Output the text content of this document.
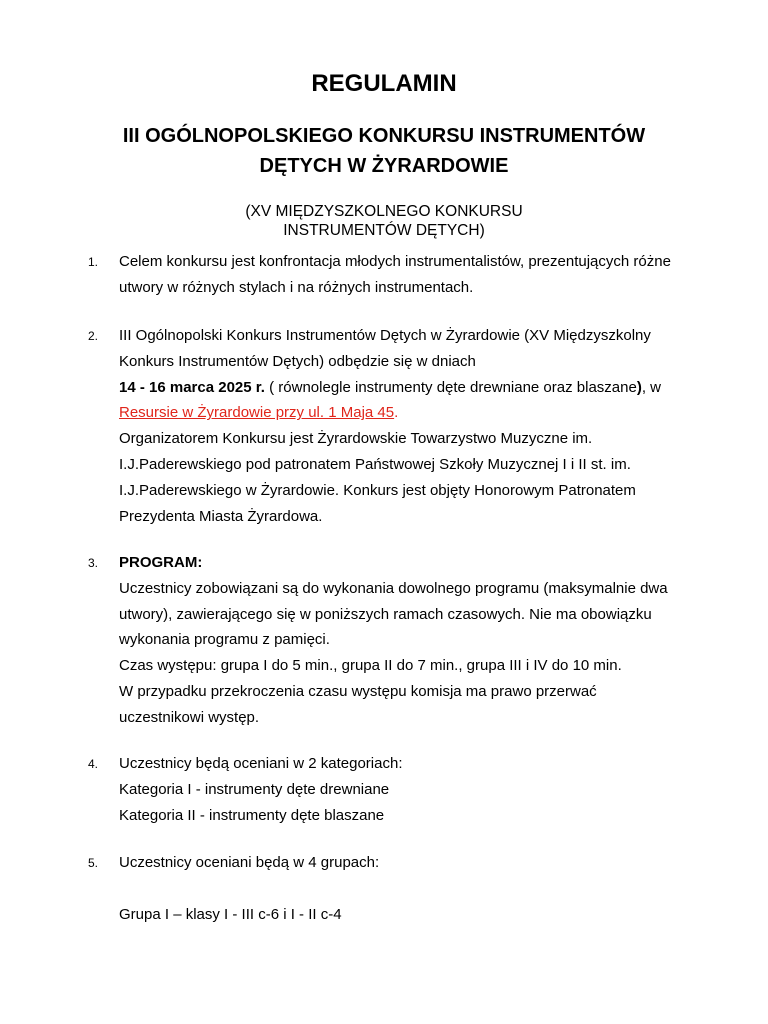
REGULAMIN
III OGÓLNOPOLSKIEGO KONKURSU INSTRUMENTÓW
DĘTYCH W ŻYRARDOWIE
(XV MIĘDZYSZKOLNEGO KONKURSU
INSTRUMENTÓW DĘTYCH)
1. Celem konkursu jest konfrontacja młodych instrumentalistów, prezentujących różne
utwory w różnych stylach i na różnych instrumentach.
2. III Ogólnopolski Konkurs Instrumentów Dętych w Żyrardowie (XV Międzyszkolny
Konkurs Instrumentów Dętych) odbędzie się w dniach
14 - 16 marca 2025 r. ( równolegle instrumenty dęte drewniane oraz blaszane), w
Resursie w Żyrardowie przy ul. 1 Maja 45.
Organizatorem Konkursu jest Żyrardowskie Towarzystwo Muzyczne im.
I.J.Paderewskiego pod patronatem Państwowej Szkoły Muzycznej I i II st. im.
I.J.Paderewskiego w Żyrardowie. Konkurs jest objęty Honorowym Patronatem
Prezydenta Miasta Żyrardowa.
3. PROGRAM:
Uczestnicy zobowiązani są do wykonania dowolnego programu (maksymalnie dwa
utwory), zawierającego się w poniższych ramach czasowych. Nie ma obowiązku
wykonania programu z pamięci.
Czas występu: grupa I do 5 min., grupa II do 7 min., grupa III i IV do 10 min.
W przypadku przekroczenia czasu występu komisja ma prawo przerwać
uczestnikowi występ.
4. Uczestnicy będą oceniani w 2 kategoriach:
Kategoria I - instrumenty dęte drewniane
Kategoria II - instrumenty dęte blaszane
5. Uczestnicy oceniani będą w 4 grupach:
Grupa I – klasy I - III c-6 i I - II c-4
